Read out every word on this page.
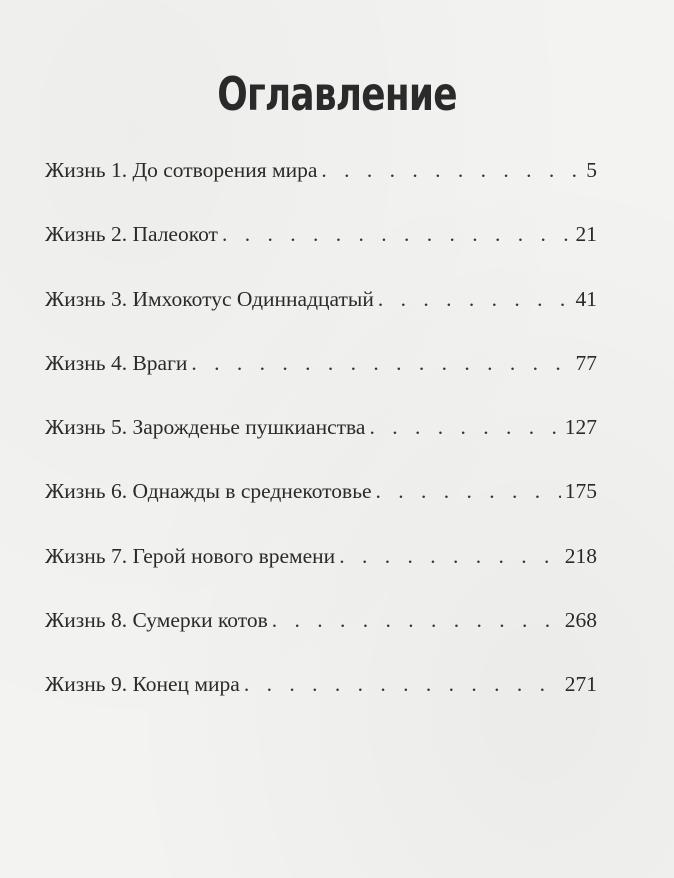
Оглавление
Жизнь 1. До сотворения мира . . .	5
Жизнь 2. Палеокот . . .	21
Жизнь 3. Имхокотус Одиннадцатый . . .	41
Жизнь 4. Враги . . .	77
Жизнь 5. Зарожденье пушкианства . . .	127
Жизнь 6. Однажды в среднекотовье . . .	175
Жизнь 7. Герой нового времени . . .	218
Жизнь 8. Сумерки котов . . .	268
Жизнь 9. Конец мира . . .	271
